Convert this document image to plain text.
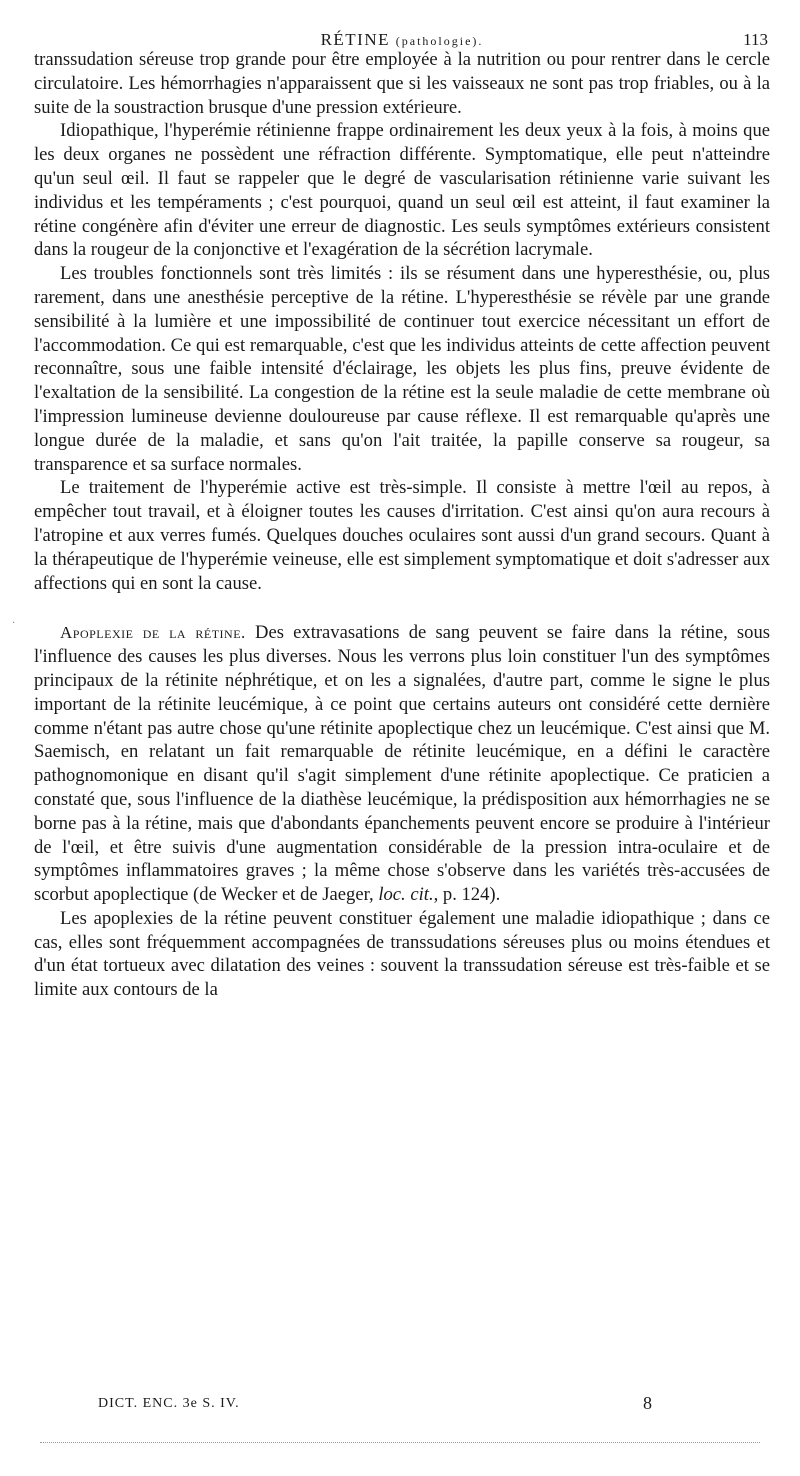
RÉTINE (pathologie).	113

transsudation séreuse trop grande pour être employée à la nutrition ou pour rentrer dans le cercle circulatoire. Les hémorrhagies n'apparaissent que si les vaisseaux ne sont pas trop friables, ou à la suite de la soustraction brusque d'une pression extérieure.

Idiopathique, l'hyperémie rétinienne frappe ordinairement les deux yeux à la fois, à moins que les deux organes ne possèdent une réfraction différente. Symptomatique, elle peut n'atteindre qu'un seul œil. Il faut se rappeler que le degré de vascularisation rétinienne varie suivant les individus et les tempéraments ; c'est pourquoi, quand un seul œil est atteint, il faut examiner la rétine congénère afin d'éviter une erreur de diagnostic. Les seuls symptômes extérieurs consistent dans la rougeur de la conjonctive et l'exagération de la sécrétion lacrymale.

Les troubles fonctionnels sont très limités : ils se résument dans une hyperesthésie, ou, plus rarement, dans une anesthésie perceptive de la rétine. L'hyperesthésie se révèle par une grande sensibilité à la lumière et une impossibilité de continuer tout exercice nécessitant un effort de l'accommodation. Ce qui est remarquable, c'est que les individus atteints de cette affection peuvent reconnaître, sous une faible intensité d'éclairage, les objets les plus fins, preuve évidente de l'exaltation de la sensibilité. La congestion de la rétine est la seule maladie de cette membrane où l'impression lumineuse devienne douloureuse par cause réflexe. Il est remarquable qu'après une longue durée de la maladie, et sans qu'on l'ait traitée, la papille conserve sa rougeur, sa transparence et sa surface normales.

Le traitement de l'hyperémie active est très-simple. Il consiste à mettre l'œil au repos, à empêcher tout travail, et à éloigner toutes les causes d'irritation. C'est ainsi qu'on aura recours à l'atropine et aux verres fumés. Quelques douches oculaires sont aussi d'un grand secours. Quant à la thérapeutique de l'hyperémie veineuse, elle est simplement symptomatique et doit s'adresser aux affections qui en sont la cause.

Apoplexie de la rétine. Des extravasations de sang peuvent se faire dans la rétine, sous l'influence des causes les plus diverses. Nous les verrons plus loin constituer l'un des symptômes principaux de la rétinite néphrétique, et on les a signalées, d'autre part, comme le signe le plus important de la rétinite leucémique, à ce point que certains auteurs ont considéré cette dernière comme n'étant pas autre chose qu'une rétinite apoplectique chez un leucémique. C'est ainsi que M. Saemisch, en relatant un fait remarquable de rétinite leucémique, en a défini le caractère pathognomonique en disant qu'il s'agit simplement d'une rétinite apoplectique. Ce praticien a constaté que, sous l'influence de la diathèse leucémique, la prédisposition aux hémorrhagies ne se borne pas à la rétine, mais que d'abondants épanchements peuvent encore se produire à l'intérieur de l'œil, et être suivis d'une augmentation considérable de la pression intra-oculaire et de symptômes inflammatoires graves ; la même chose s'observe dans les variétés très-accusées de scorbut apoplectique (de Wecker et de Jaeger, loc. cit., p. 124).

Les apoplexies de la rétine peuvent constituer également une maladie idiopathique ; dans ce cas, elles sont fréquemment accompagnées de transsudations séreuses plus ou moins étendues et d'un état tortueux avec dilatation des veines : souvent la transsudation séreuse est très-faible et se limite aux contours de la

DICT. ENC. 3e S. IV.	8
·
